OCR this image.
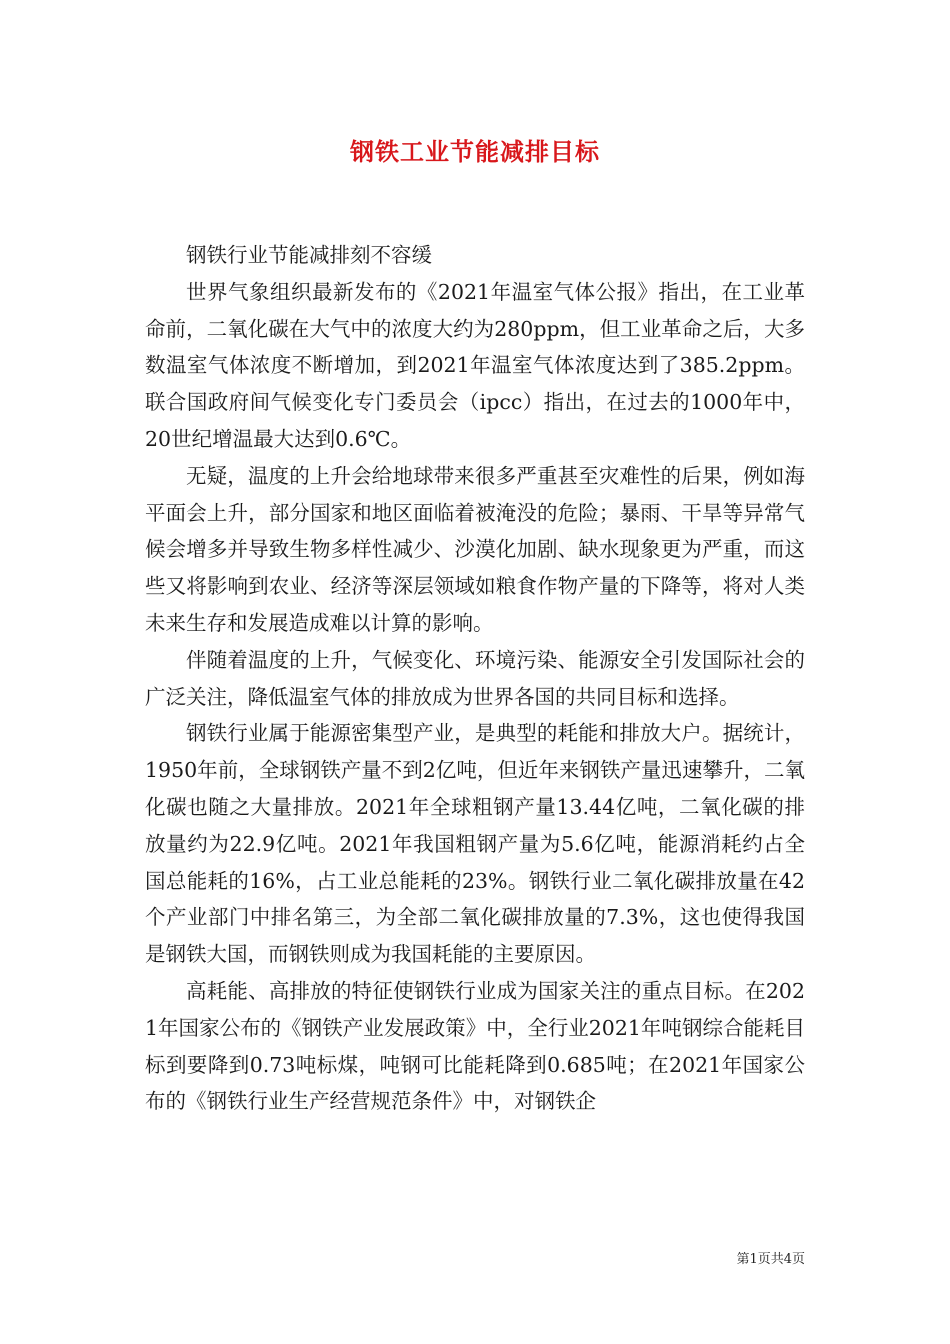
钢铁工业节能减排目标

钢铁行业节能减排刻不容缓

世界气象组织最新发布的《2021年温室气体公报》指出，在工业革命前，二氧化碳在大气中的浓度大约为280ppm，但工业革命之后，大多数温室气体浓度不断增加，到2021年温室气体浓度达到了385.2ppm。联合国政府间气候变化专门委员会（ipcc）指出，在过去的1000年中，20世纪增温最大达到0.6℃。

无疑，温度的上升会给地球带来很多严重甚至灾难性的后果，例如海平面会上升，部分国家和地区面临着被淹没的危险；暴雨、干旱等异常气候会增多并导致生物多样性减少、沙漠化加剧、缺水现象更为严重，而这些又将影响到农业、经济等深层领域如粮食作物产量的下降等，将对人类未来生存和发展造成难以计算的影响。

伴随着温度的上升，气候变化、环境污染、能源安全引发国际社会的广泛关注，降低温室气体的排放成为世界各国的共同目标和选择。

钢铁行业属于能源密集型产业，是典型的耗能和排放大户。据统计，1950年前，全球钢铁产量不到2亿吨，但近年来钢铁产量迅速攀升，二氧化碳也随之大量排放。2021年全球粗钢产量13.44亿吨，二氧化碳的排放量约为22.9亿吨。2021年我国粗钢产量为5.6亿吨，能源消耗约占全国总能耗的16%，占工业总能耗的23%。钢铁行业二氧化碳排放量在42个产业部门中排名第三，为全部二氧化碳排放量的7.3%，这也使得我国是钢铁大国，而钢铁则成为我国耗能的主要原因。

高耗能、高排放的特征使钢铁行业成为国家关注的重点目标。在2021年国家公布的《钢铁产业发展政策》中，全行业2021年吨钢综合能耗目标到要降到0.73吨标煤，吨钢可比能耗降到0.685吨；在2021年国家公布的《钢铁行业生产经营规范条件》中，对钢铁企

第1页共4页
